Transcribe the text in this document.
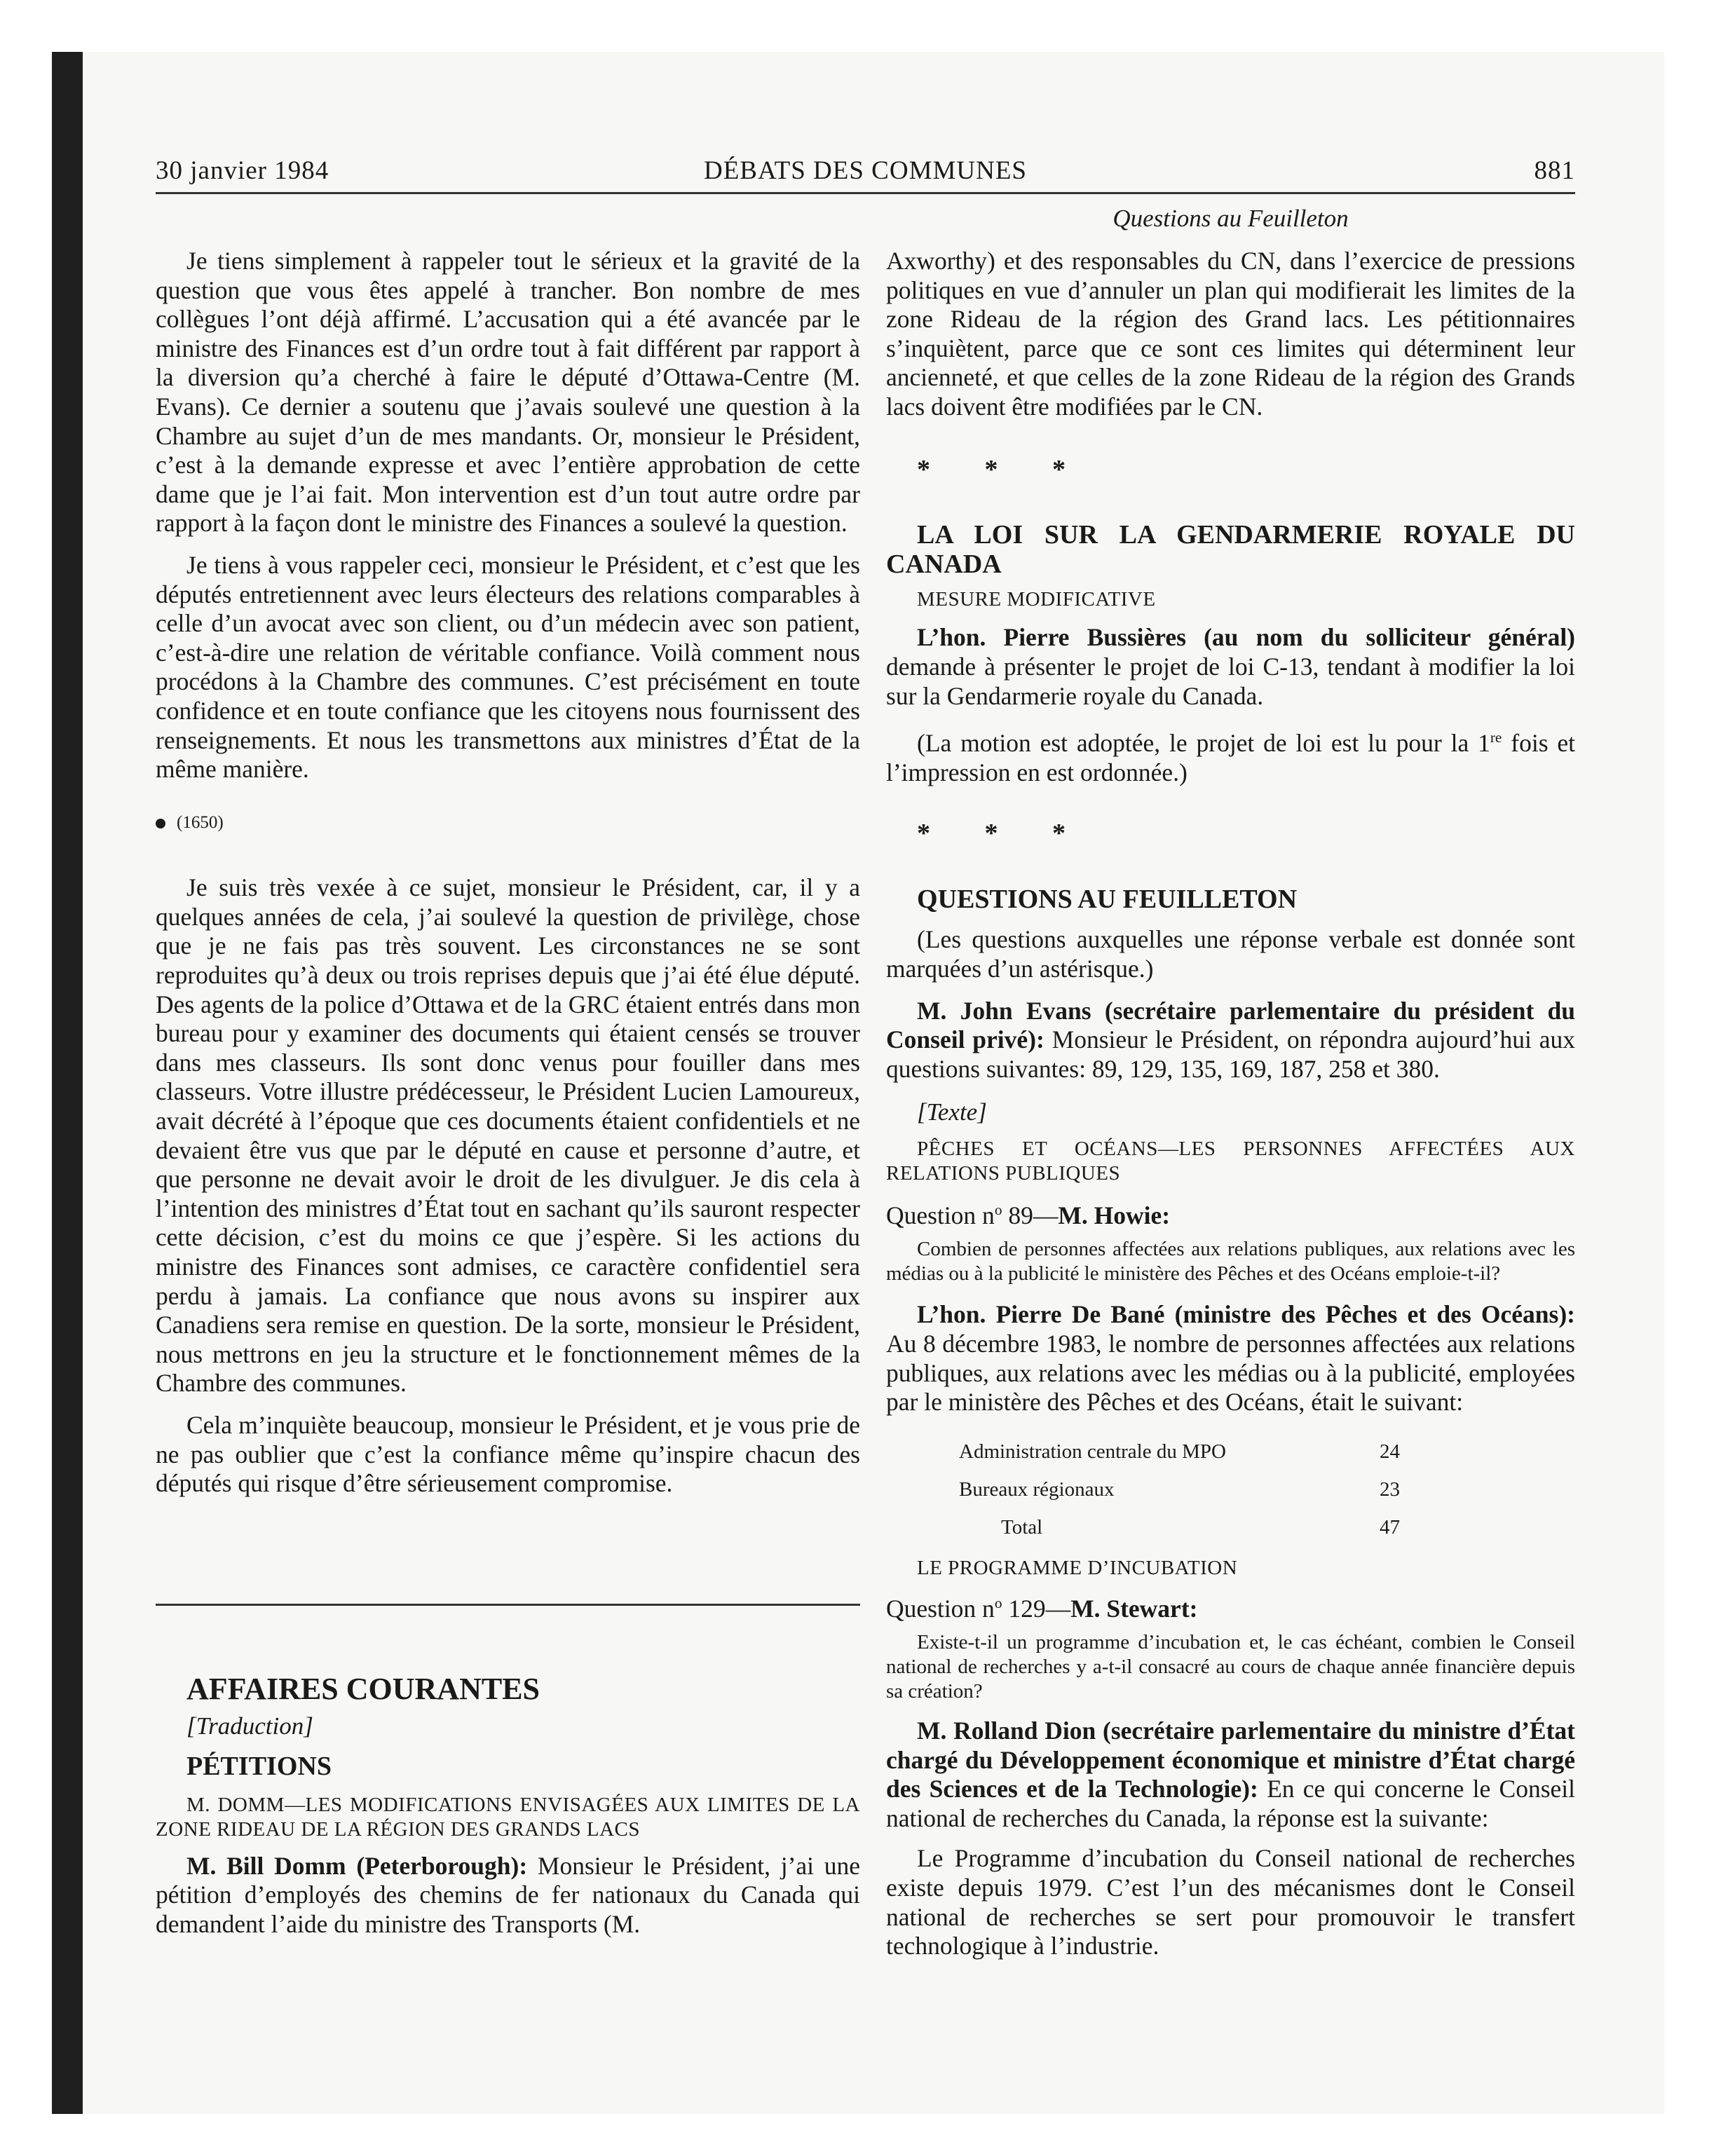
30 janvier 1984	DÉBATS DES COMMUNES	881
Questions au Feuilleton

Je tiens simplement à rappeler tout le sérieux et la gravité de la question que vous êtes appelé à trancher. Bon nombre de mes collègues l’ont déjà affirmé. L’accusation qui a été avancée par le ministre des Finances est d’un ordre tout à fait différent par rapport à la diversion qu’a cherché à faire le député d’Ottawa-Centre (M. Evans). Ce dernier a soutenu que j’avais soulevé une question à la Chambre au sujet d’un de mes mandants. Or, monsieur le Président, c’est à la demande expresse et avec l’entière approbation de cette dame que je l’ai fait. Mon intervention est d’un tout autre ordre par rapport à la façon dont le ministre des Finances a soulevé la question.

Je tiens à vous rappeler ceci, monsieur le Président, et c’est que les députés entretiennent avec leurs électeurs des relations comparables à celle d’un avocat avec son client, ou d’un médecin avec son patient, c’est-à-dire une relation de véritable confiance. Voilà comment nous procédons à la Chambre des communes. C’est précisément en toute confidence et en toute confiance que les citoyens nous fournissent des renseignements. Et nous les transmettons aux ministres d’État de la même manière.

(1650)

Je suis très vexée à ce sujet, monsieur le Président, car, il y a quelques années de cela, j’ai soulevé la question de privilège, chose que je ne fais pas très souvent. Les circonstances ne se sont reproduites qu’à deux ou trois reprises depuis que j’ai été élue député. Des agents de la police d’Ottawa et de la GRC étaient entrés dans mon bureau pour y examiner des documents qui étaient censés se trouver dans mes classeurs. Ils sont donc venus pour fouiller dans mes classeurs. Votre illustre prédécesseur, le Président Lucien Lamoureux, avait décrété à l’époque que ces documents étaient confidentiels et ne devaient être vus que par le député en cause et personne d’autre, et que personne ne devait avoir le droit de les divulguer. Je dis cela à l’intention des ministres d’État tout en sachant qu’ils sauront respecter cette décision, c’est du moins ce que j’espère. Si les actions du ministre des Finances sont admises, ce caractère confidentiel sera perdu à jamais. La confiance que nous avons su inspirer aux Canadiens sera remise en question. De la sorte, monsieur le Président, nous mettrons en jeu la structure et le fonctionnement mêmes de la Chambre des communes.

Cela m’inquiète beaucoup, monsieur le Président, et je vous prie de ne pas oublier que c’est la confiance même qu’inspire chacun des députés qui risque d’être sérieusement compromise.

AFFAIRES COURANTES

[Traduction]

PÉTITIONS

M. DOMM—LES MODIFICATIONS ENVISAGÉES AUX LIMITES DE LA ZONE RIDEAU DE LA RÉGION DES GRANDS LACS

M. Bill Domm (Peterborough): Monsieur le Président, j’ai une pétition d’employés des chemins de fer nationaux du Canada qui demandent l’aide du ministre des Transports (M.

Axworthy) et des responsables du CN, dans l’exercice de pressions politiques en vue d’annuler un plan qui modifierait les limites de la zone Rideau de la région des Grand lacs. Les pétitionnaires s’inquiètent, parce que ce sont ces limites qui déterminent leur ancienneté, et que celles de la zone Rideau de la région des Grands lacs doivent être modifiées par le CN.

* * *

LA LOI SUR LA GENDARMERIE ROYALE DU CANADA

MESURE MODIFICATIVE

L’hon. Pierre Bussières (au nom du solliciteur général) demande à présenter le projet de loi C-13, tendant à modifier la loi sur la Gendarmerie royale du Canada.

(La motion est adoptée, le projet de loi est lu pour la 1re fois et l’impression en est ordonnée.)

* * *

QUESTIONS AU FEUILLETON

(Les questions auxquelles une réponse verbale est donnée sont marquées d’un astérisque.)

M. John Evans (secrétaire parlementaire du président du Conseil privé): Monsieur le Président, on répondra aujourd’hui aux questions suivantes: 89, 129, 135, 169, 187, 258 et 380.

[Texte]

PÊCHES ET OCÉANS—LES PERSONNES AFFECTÉES AUX RELATIONS PUBLIQUES

Question $n^o$ 89—M. Howie:

Combien de personnes affectées aux relations publiques, aux relations avec les médias ou à la publicité le ministère des Pêches et des Océans emploie-t-il?

L’hon. Pierre De Bané (ministre des Pêches et des Océans): Au 8 décembre 1983, le nombre de personnes affectées aux relations publiques, aux relations avec les médias ou à la publicité, employées par le ministère des Pêches et des Océans, était le suivant:

Administration centrale du MPO	24
Bureaux régionaux	23
Total	47

LE PROGRAMME D’INCUBATION

Question $n^o$ 129—M. Stewart:

Existe-t-il un programme d’incubation et, le cas échéant, combien le Conseil national de recherches y a-t-il consacré au cours de chaque année financière depuis sa création?

M. Rolland Dion (secrétaire parlementaire du ministre d’État chargé du Développement économique et ministre d’État chargé des Sciences et de la Technologie): En ce qui concerne le Conseil national de recherches du Canada, la réponse est la suivante:

Le Programme d’incubation du Conseil national de recherches existe depuis 1979. C’est l’un des mécanismes dont le Conseil national de recherches se sert pour promouvoir le transfert technologique à l’industrie.
